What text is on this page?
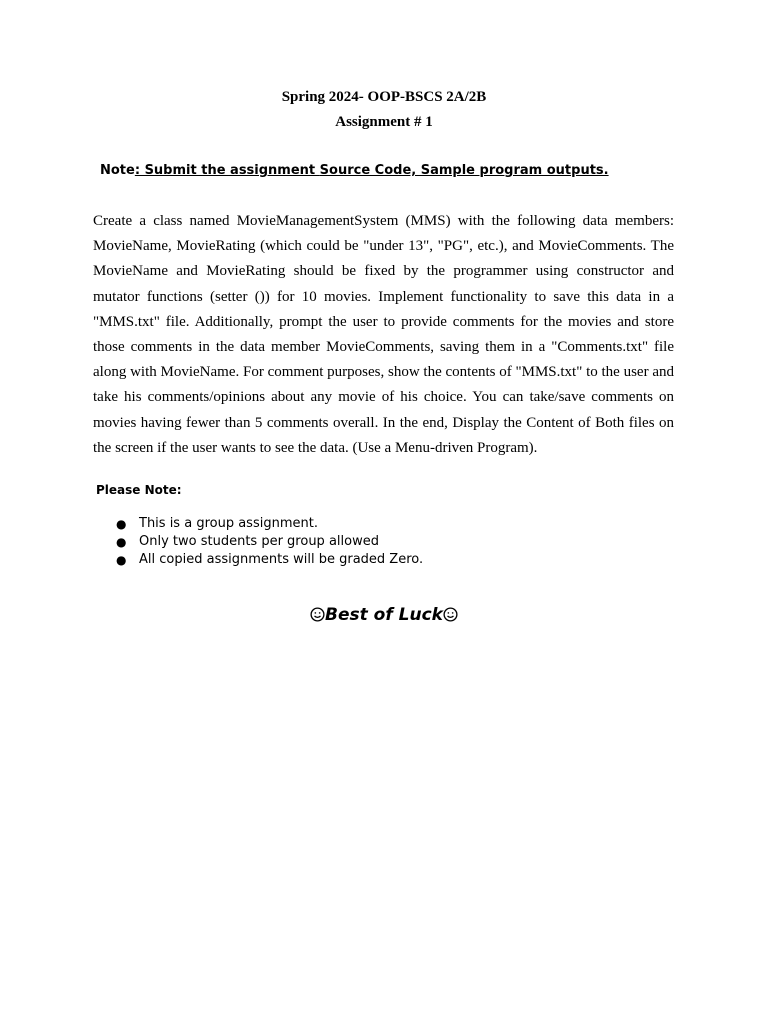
Spring 2024- OOP-BSCS 2A/2B
Assignment # 1
Note: Submit the assignment Source Code, Sample program outputs.

Create a class named MovieManagementSystem (MMS) with the following data members: MovieName, MovieRating (which could be "under 13", "PG", etc.), and MovieComments. The MovieName and MovieRating should be fixed by the programmer using constructor and mutator functions (setter ()) for 10 movies. Implement functionality to save this data in a "MMS.txt" file. Additionally, prompt the user to provide comments for the movies and store those comments in the data member MovieComments, saving them in a "Comments.txt" file along with MovieName. For comment purposes, show the contents of "MMS.txt" to the user and take his comments/opinions about any movie of his choice. You can take/save comments on movies having fewer than 5 comments overall. In the end, Display the Content of Both files on the screen if the user wants to see the data. (Use a Menu-driven Program).

Please Note:
● This is a group assignment.
● Only two students per group allowed
● All copied assignments will be graded Zero.
Best of Luck
